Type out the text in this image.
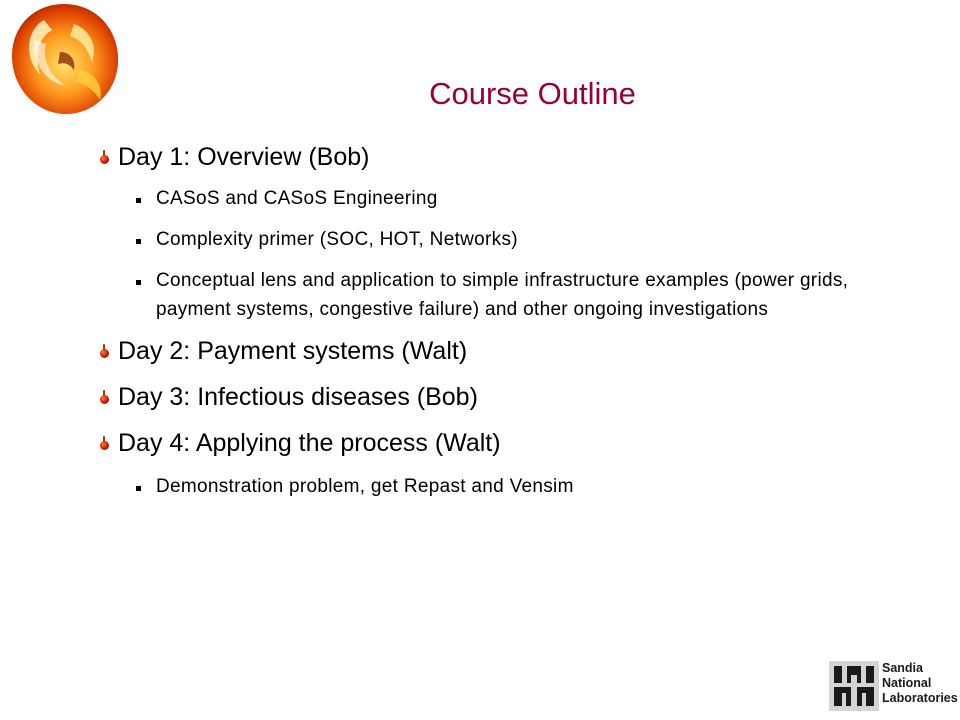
Course Outline
Day 1: Overview (Bob)
CASoS and CASoS Engineering
Complexity primer (SOC, HOT, Networks)
Conceptual lens and application to simple infrastructure examples (power grids, payment systems, congestive failure) and other ongoing investigations
Day 2: Payment systems (Walt)
Day 3: Infectious diseases (Bob)
Day 4: Applying the process (Walt)
Demonstration problem, get Repast and Vensim
Sandia
National
Laboratories
